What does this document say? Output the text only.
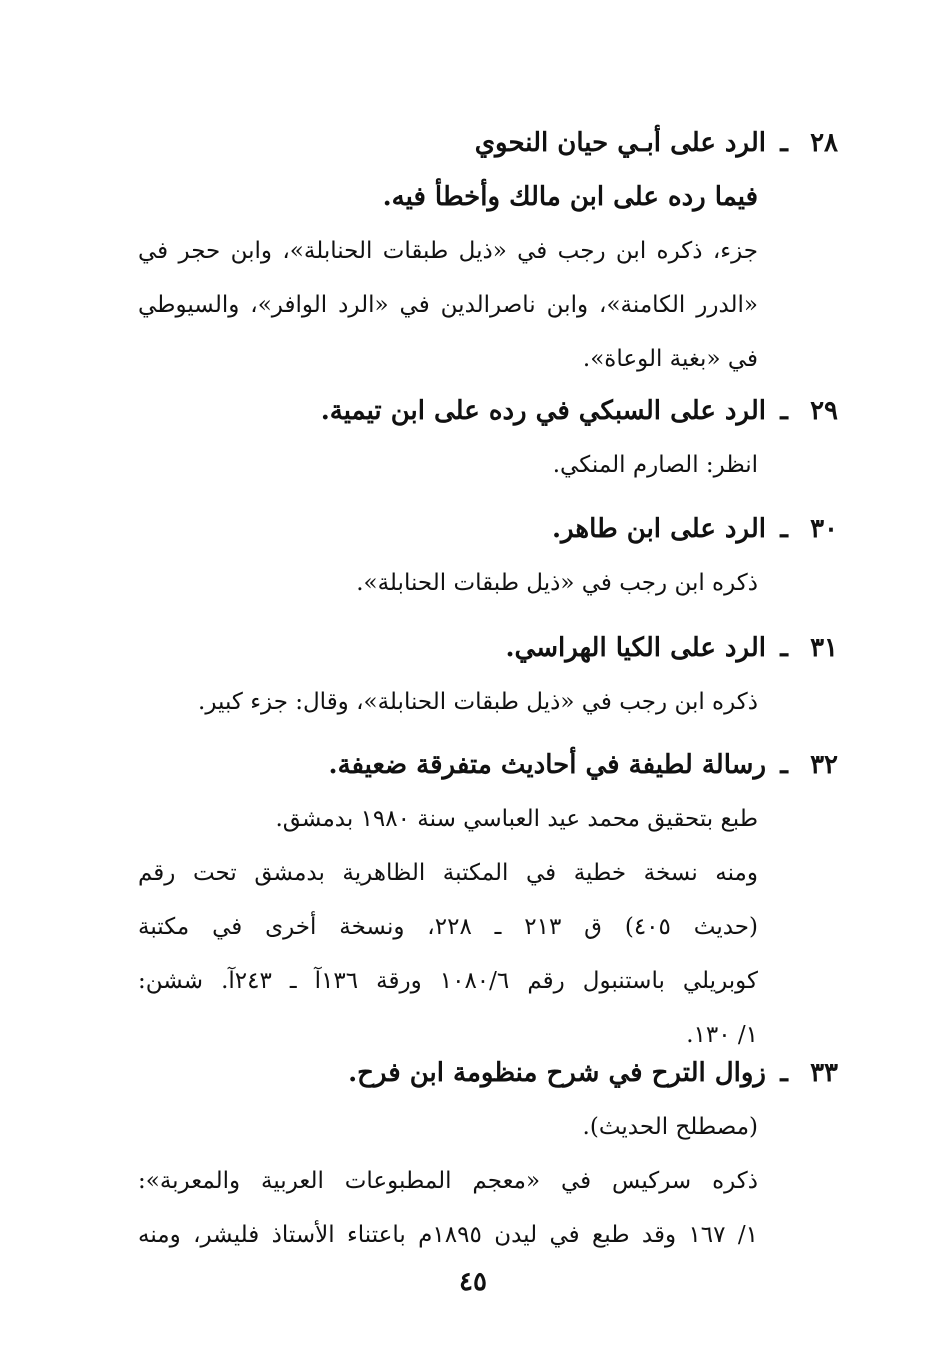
٢٨
ـ
الرد على أبـي حيان النحوي
فيما رده على ابن مالك وأخطأ فيه.
جزء، ذكره ابن رجب في «ذيل طبقات الحنابلة»، وابن حجر في
«الدرر الكامنة»، وابن ناصرالدين في «الرد الوافر»، والسيوطي
في «بغية الوعاة».
٢٩
ـ
الرد على السبكي في رده على ابن تيمية.
انظر: الصارم المنكي.
٣٠
ـ
الرد على ابن طاهر.
ذكره ابن رجب في «ذيل طبقات الحنابلة».
٣١
ـ
الرد على الكيا الهراسي.
ذكره ابن رجب في «ذيل طبقات الحنابلة»، وقال: جزء كبير.
٣٢
ـ
رسالة لطيفة في أحاديث متفرقة ضعيفة.
طبع بتحقيق محمد عيد العباسي سنة ١٩٨٠ بدمشق.
ومنه نسخة خطية في المكتبة الظاهرية بدمشق تحت رقم
(حديث ٤٠٥) ق ٢١٣ ـ ٢٢٨، ونسخة أخرى في مكتبة
كوبريلي باستنبول رقم ١٠٨٠/٦ ورقة ١٣٦آ ـ ٢٤٣آ. ششن:
١/ ١٣٠.
٣٣
ـ
زوال الترح في شرح منظومة ابن فرح.
(مصطلح الحديث).
ذكره سركيس في «معجم المطبوعات العربية والمعربة»:
١/ ١٦٧ وقد طبع في ليدن ١٨٩٥م باعتناء الأستاذ فليشر، ومنه
٤٥
